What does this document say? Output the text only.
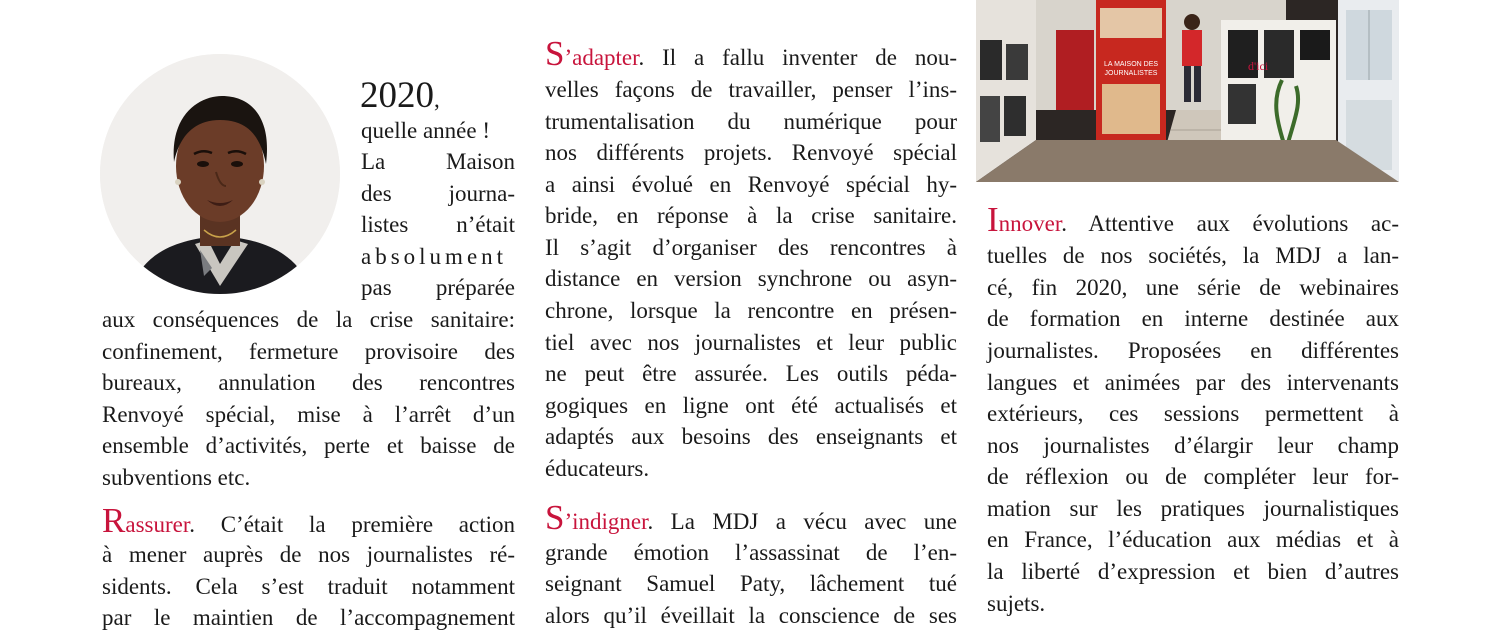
LA MAISON DES
JOURNALISTES
d'ici
2020,
quelle année !
La Maison
des journa-
listes n’était
absolument
pas préparée
aux conséquences de la crise sanitaire:
confinement, fermeture provisoire des
bureaux, annulation des rencontres
Renvoyé spécial, mise à l’arrêt d’un
ensemble d’activités, perte et baisse de
subventions etc.
Rassurer. C’était la première action
à mener auprès de nos journalistes ré-
sidents. Cela s’est traduit notamment
par le maintien de l’accompagnement
S’adapter. Il a fallu inventer de nou-
velles façons de travailler, penser l’ins-
trumentalisation du numérique pour
nos différents projets. Renvoyé spécial
a ainsi évolué en Renvoyé spécial hy-
bride, en réponse à la crise sanitaire.
Il s’agit d’organiser des rencontres à
distance en version synchrone ou asyn-
chrone, lorsque la rencontre en présen-
tiel avec nos journalistes et leur public
ne peut être assurée. Les outils péda-
gogiques en ligne ont été actualisés et
adaptés aux besoins des enseignants et
éducateurs.
S’indigner. La MDJ a vécu avec une
grande émotion l’assassinat de l’en-
seignant Samuel Paty, lâchement tué
alors qu’il éveillait la conscience de ses
Innover. Attentive aux évolutions ac-
tuelles de nos sociétés, la MDJ a lan-
cé, fin 2020, une série de webinaires
de formation en interne destinée aux
journalistes. Proposées en différentes
langues et animées par des intervenants
extérieurs, ces sessions permettent à
nos journalistes d’élargir leur champ
de réflexion ou de compléter leur for-
mation sur les pratiques journalistiques
en France, l’éducation aux médias et à
la liberté d’expression et bien d’autres
sujets.
